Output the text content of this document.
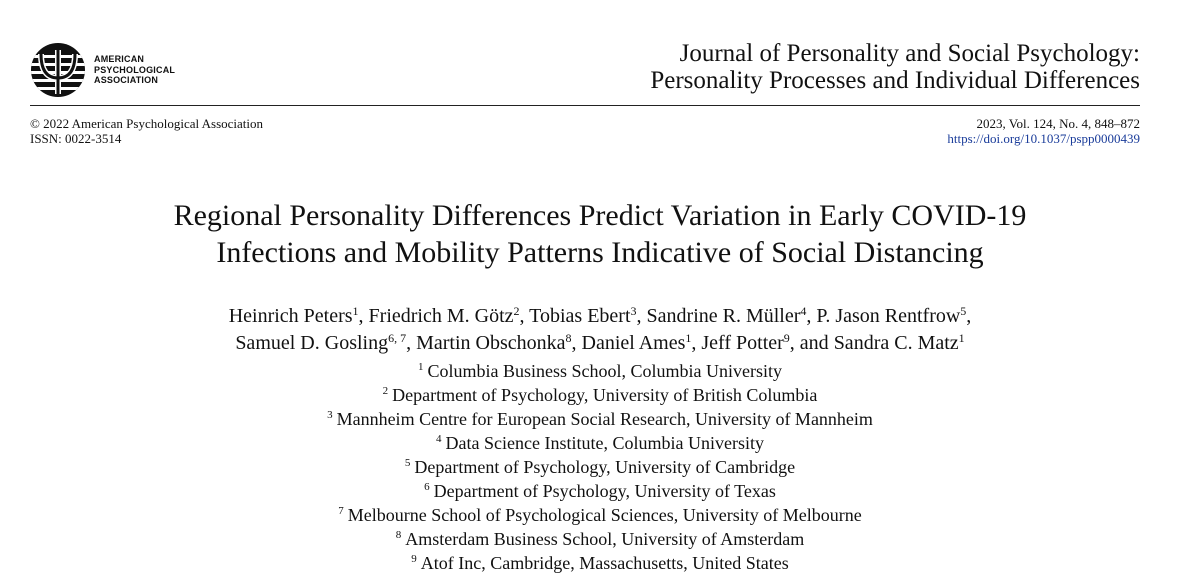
AMERICAN
PSYCHOLOGICAL
ASSOCIATION
Journal of Personality and Social Psychology:
Personality Processes and Individual Differences
© 2022 American Psychological Association
ISSN: 0022-3514
2023, Vol. 124, No. 4, 848–872
https://doi.org/10.1037/pspp0000439
Regional Personality Differences Predict Variation in Early COVID-19
Infections and Mobility Patterns Indicative of Social Distancing
Heinrich Peters$^1$, Friedrich M. Götz$^2$, Tobias Ebert$^3$, Sandrine R. Müller$^4$, P. Jason Rentfrow$^5$,
Samuel D. Gosling$^{6, 7}$, Martin Obschonka$^8$, Daniel Ames$^1$, Jeff Potter$^9$, and Sandra C. Matz$^1$
$^1$ Columbia Business School, Columbia University
$^2$ Department of Psychology, University of British Columbia
$^3$ Mannheim Centre for European Social Research, University of Mannheim
$^4$ Data Science Institute, Columbia University
$^5$ Department of Psychology, University of Cambridge
$^6$ Department of Psychology, University of Texas
$^7$ Melbourne School of Psychological Sciences, University of Melbourne
$^8$ Amsterdam Business School, University of Amsterdam
$^9$ Atof Inc, Cambridge, Massachusetts, United States
